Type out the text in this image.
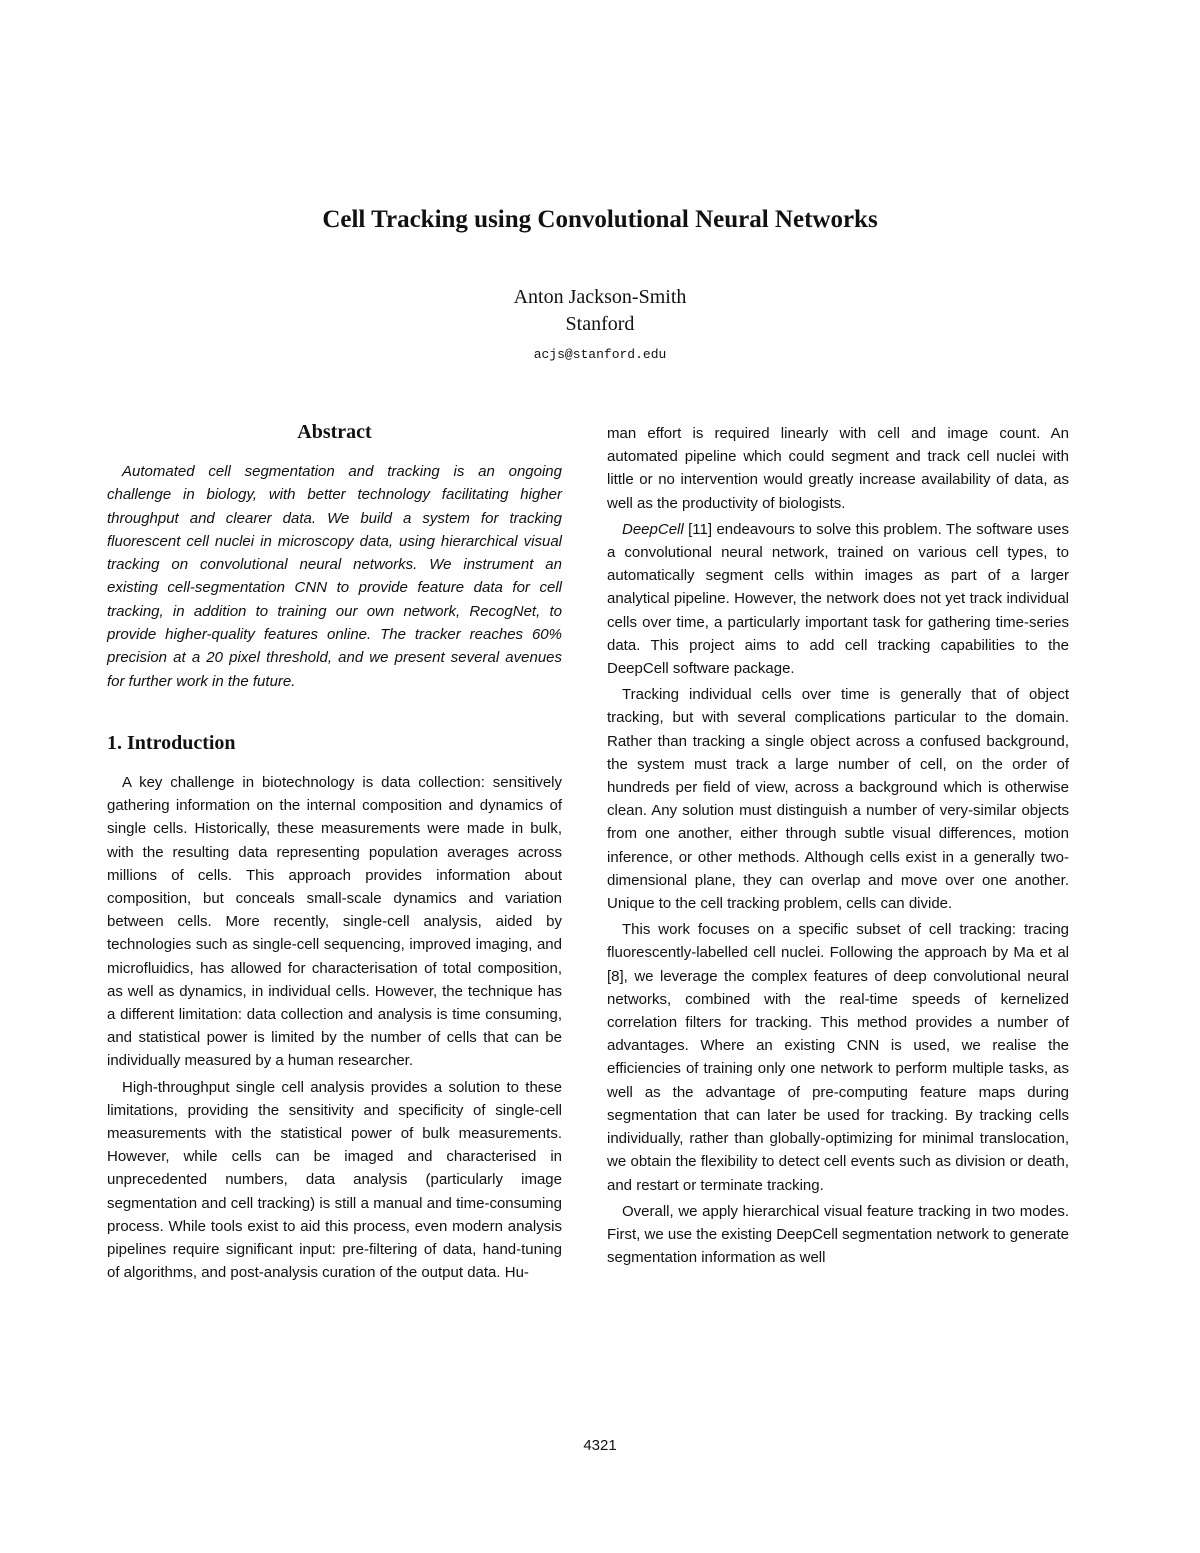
Cell Tracking using Convolutional Neural Networks
Anton Jackson-Smith
Stanford
acjs@stanford.edu
Abstract

Automated cell segmentation and tracking is an ongoing challenge in biology, with better technology facilitating higher throughput and clearer data. We build a system for tracking fluorescent cell nuclei in microscopy data, using hierarchical visual tracking on convolutional neural networks. We instrument an existing cell-segmentation CNN to provide feature data for cell tracking, in addition to training our own network, RecogNet, to provide higher-quality features online. The tracker reaches 60% precision at a 20 pixel threshold, and we present several avenues for further work in the future.

1. Introduction

A key challenge in biotechnology is data collection: sensitively gathering information on the internal composition and dynamics of single cells. Historically, these measurements were made in bulk, with the resulting data representing population averages across millions of cells. This approach provides information about composition, but conceals small-scale dynamics and variation between cells. More recently, single-cell analysis, aided by technologies such as single-cell sequencing, improved imaging, and microfluidics, has allowed for characterisation of total composition, as well as dynamics, in individual cells. However, the technique has a different limitation: data collection and analysis is time consuming, and statistical power is limited by the number of cells that can be individually measured by a human researcher.

High-throughput single cell analysis provides a solution to these limitations, providing the sensitivity and specificity of single-cell measurements with the statistical power of bulk measurements. However, while cells can be imaged and characterised in unprecedented numbers, data analysis (particularly image segmentation and cell tracking) is still a manual and time-consuming process. While tools exist to aid this process, even modern analysis pipelines require significant input: pre-filtering of data, hand-tuning of algorithms, and post-analysis curation of the output data. Hu-

man effort is required linearly with cell and image count. An automated pipeline which could segment and track cell nuclei with little or no intervention would greatly increase availability of data, as well as the productivity of biologists.

DeepCell [11] endeavours to solve this problem. The software uses a convolutional neural network, trained on various cell types, to automatically segment cells within images as part of a larger analytical pipeline. However, the network does not yet track individual cells over time, a particularly important task for gathering time-series data. This project aims to add cell tracking capabilities to the DeepCell software package.

Tracking individual cells over time is generally that of object tracking, but with several complications particular to the domain. Rather than tracking a single object across a confused background, the system must track a large number of cell, on the order of hundreds per field of view, across a background which is otherwise clean. Any solution must distinguish a number of very-similar objects from one another, either through subtle visual differences, motion inference, or other methods. Although cells exist in a generally two-dimensional plane, they can overlap and move over one another. Unique to the cell tracking problem, cells can divide.

This work focuses on a specific subset of cell tracking: tracing fluorescently-labelled cell nuclei. Following the approach by Ma et al [8], we leverage the complex features of deep convolutional neural networks, combined with the real-time speeds of kernelized correlation filters for tracking. This method provides a number of advantages. Where an existing CNN is used, we realise the efficiencies of training only one network to perform multiple tasks, as well as the advantage of pre-computing feature maps during segmentation that can later be used for tracking. By tracking cells individually, rather than globally-optimizing for minimal translocation, we obtain the flexibility to detect cell events such as division or death, and restart or terminate tracking.

Overall, we apply hierarchical visual feature tracking in two modes. First, we use the existing DeepCell segmentation network to generate segmentation information as well

4321
